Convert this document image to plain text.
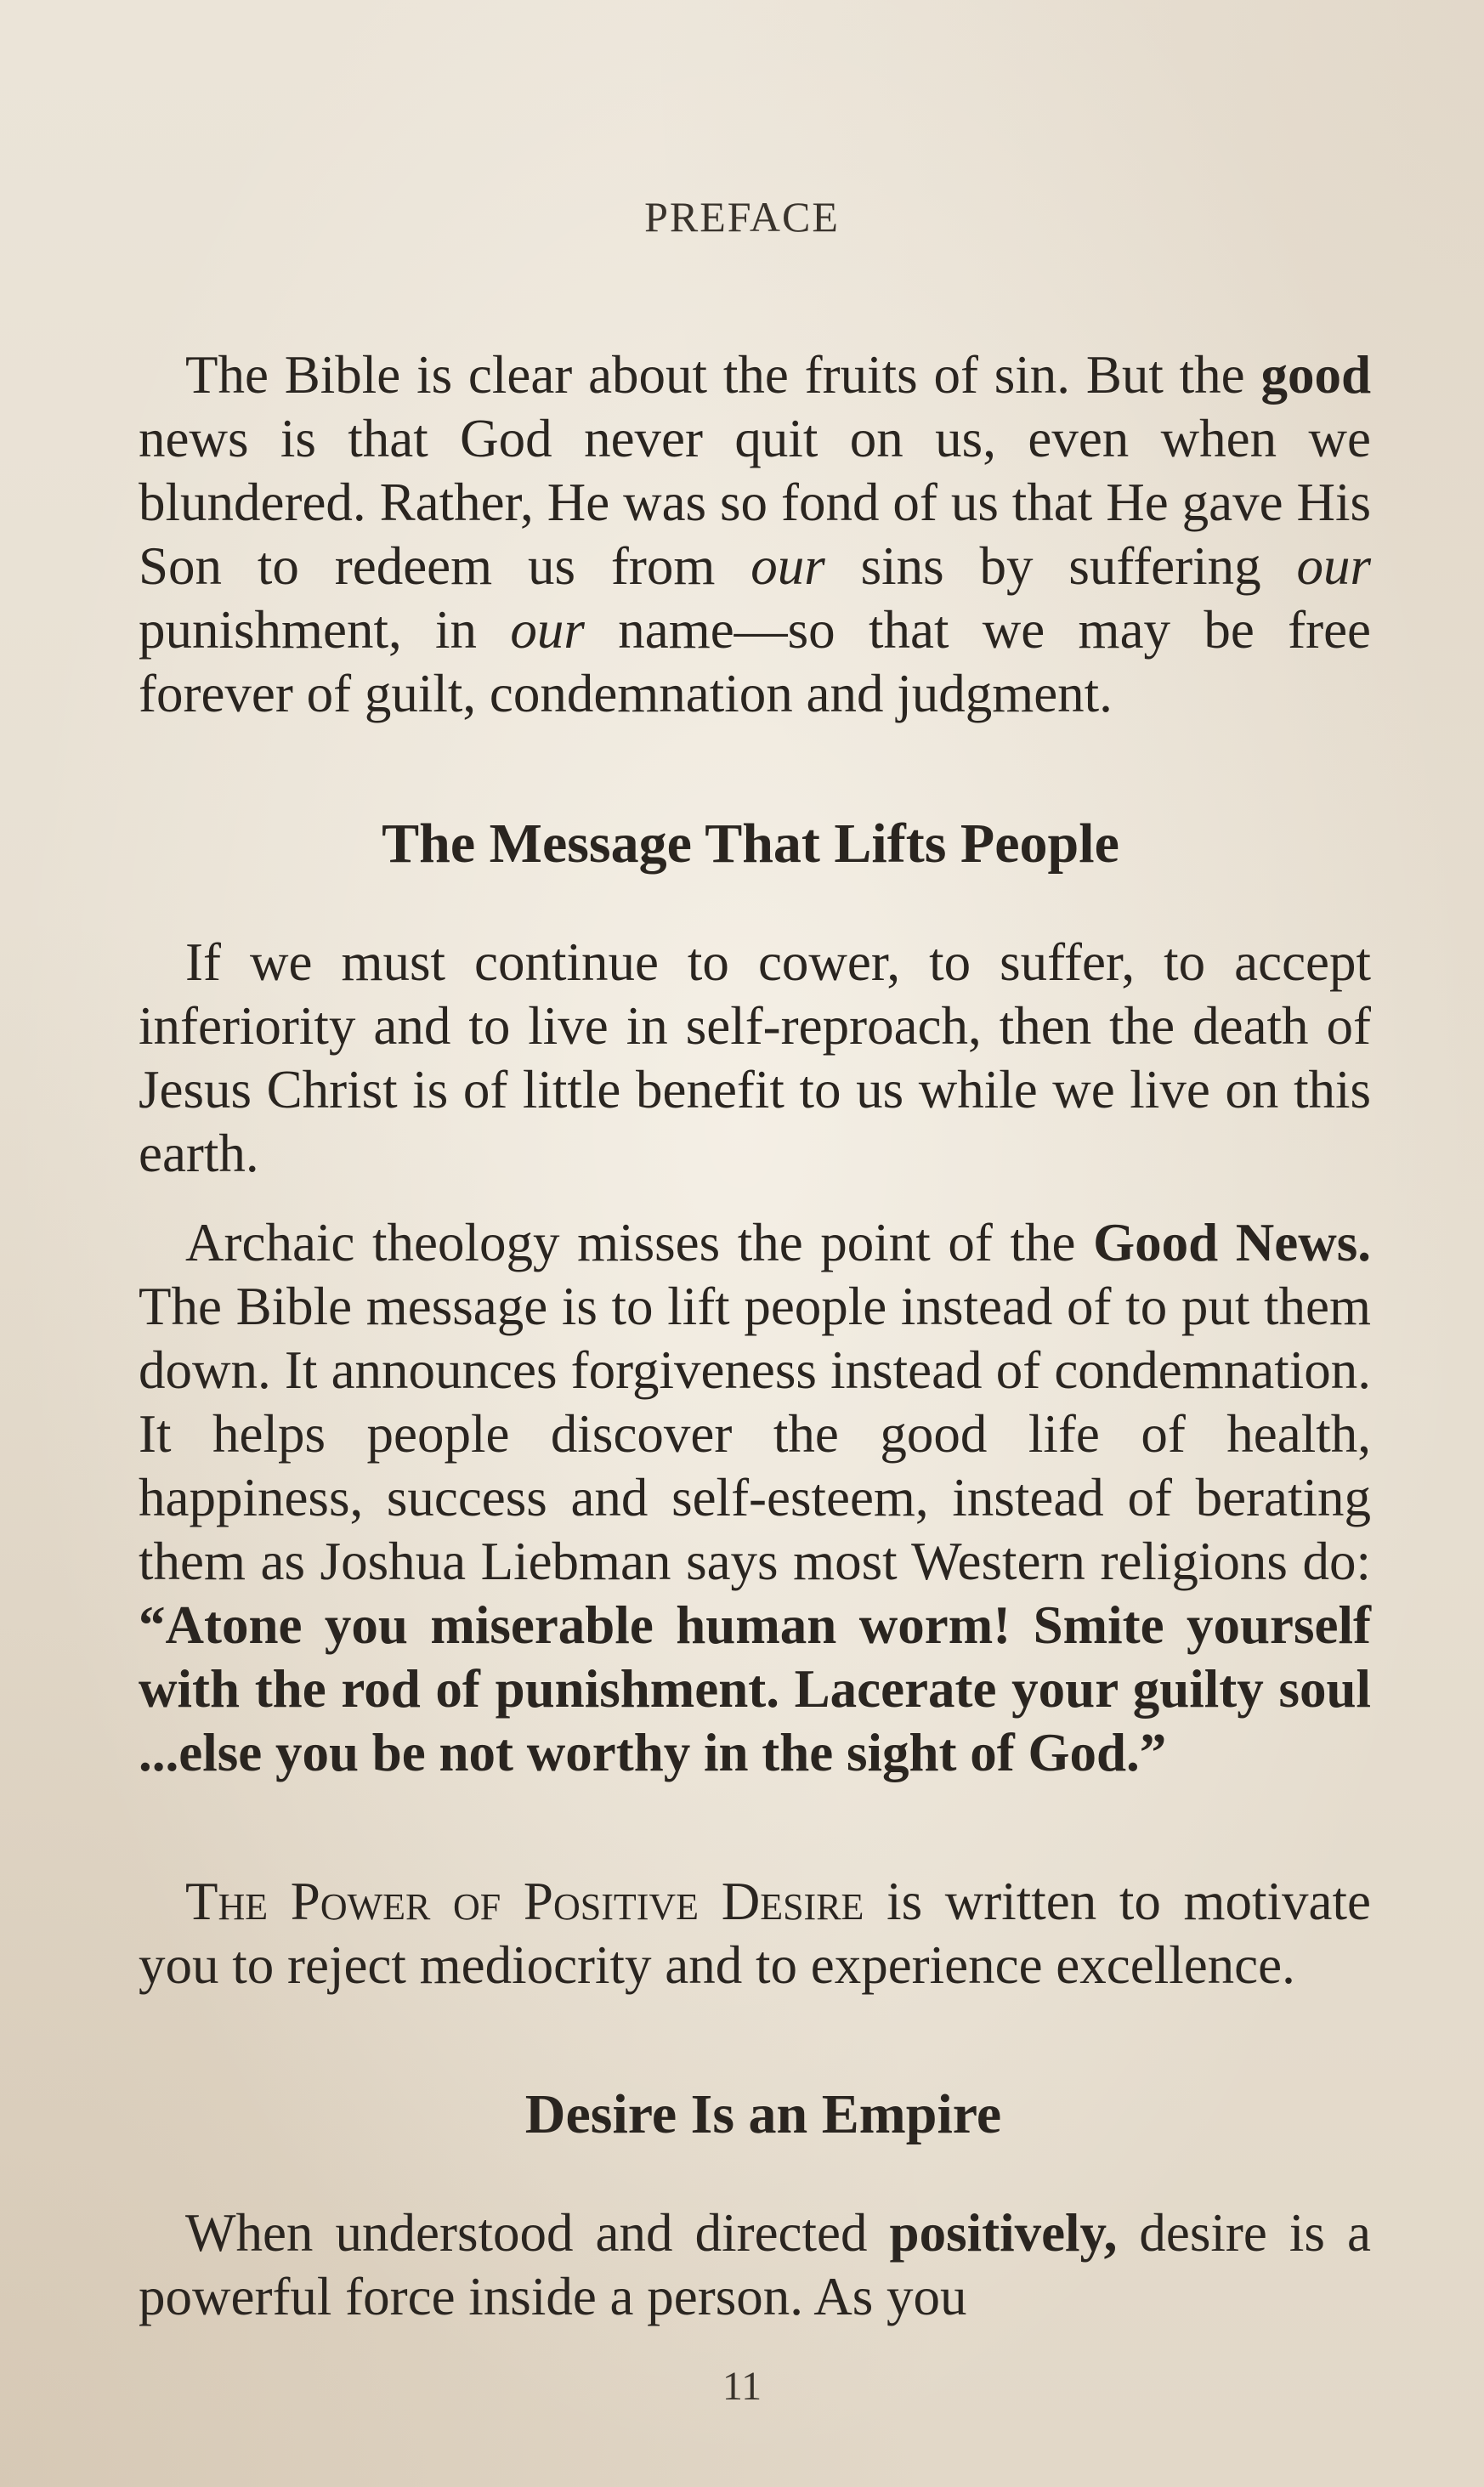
PREFACE

The Bible is clear about the fruits of sin. But the good news is that God never quit on us, even when we blundered. Rather, He was so fond of us that He gave His Son to redeem us from our sins by suffering our punishment, in our name—so that we may be free forever of guilt, condemnation and judgment.

The Message That Lifts People

If we must continue to cower, to suffer, to accept inferiority and to live in self-reproach, then the death of Jesus Christ is of little benefit to us while we live on this earth.

Archaic theology misses the point of the Good News. The Bible message is to lift people instead of to put them down. It announces forgiveness instead of condemnation. It helps people discover the good life of health, happiness, success and self-esteem, instead of berating them as Joshua Liebman says most Western religions do: “Atone you miserable human worm! Smite yourself with the rod of punishment. Lacerate your guilty soul ...else you be not worthy in the sight of God.”

The Power of Positive Desire is written to motivate you to reject mediocrity and to experience excellence.

Desire Is an Empire

When understood and directed positively, desire is a powerful force inside a person. As you

11
